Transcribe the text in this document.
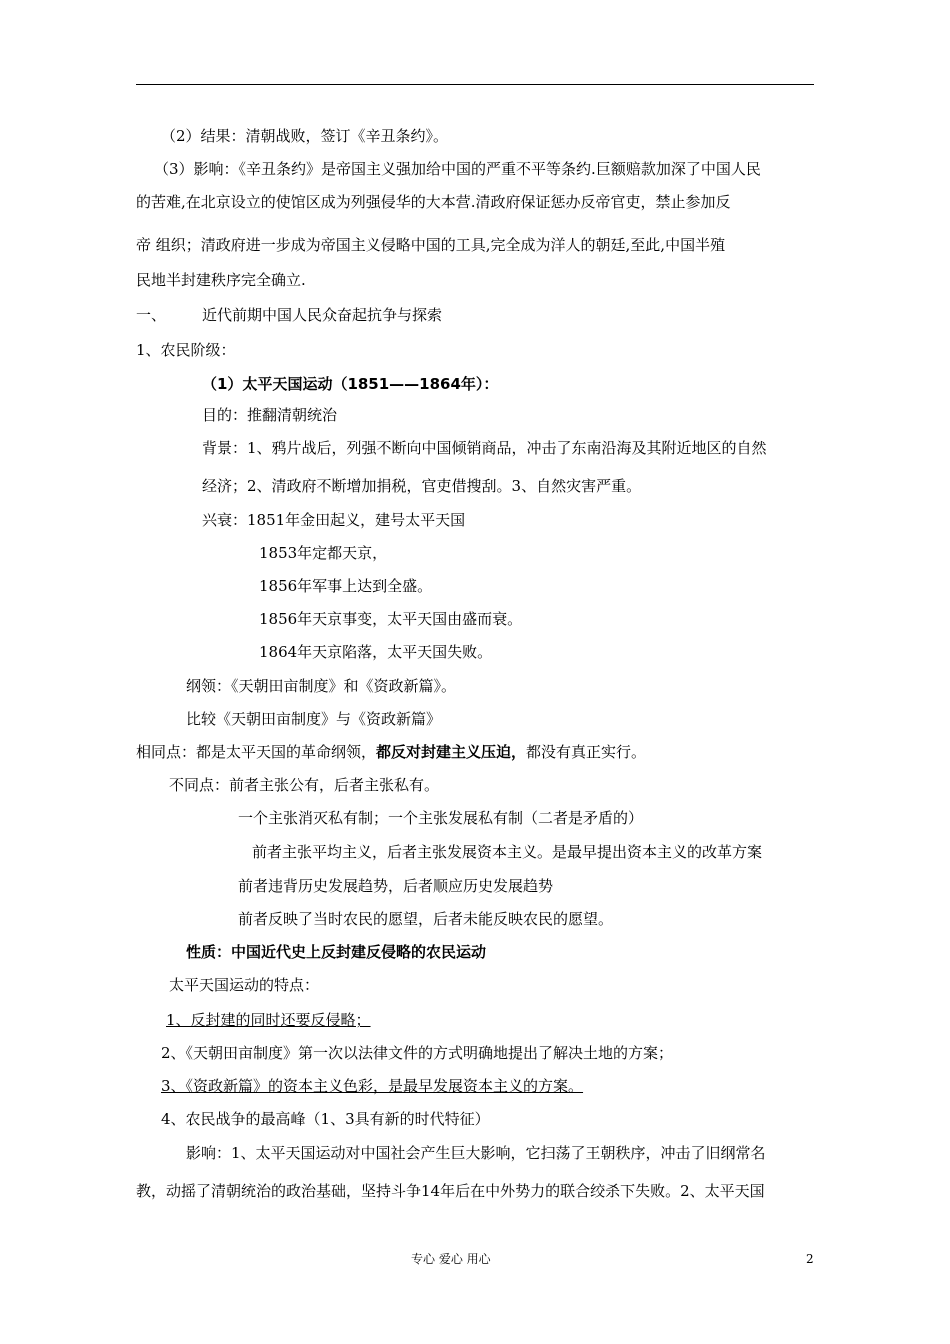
（2）结果：清朝战败，签订《辛丑条约》。
（3）影响：《辛丑条约》是帝国主义强加给中国的严重不平等条约.巨额赔款加深了中国人民
的苦难,在北京设立的使馆区成为列强侵华的大本营.清政府保证惩办反帝官吏，禁止参加反
帝 组织；清政府进一步成为帝国主义侵略中国的工具,完全成为洋人的朝廷,至此,中国半殖
民地半封建秩序完全确立.
一、 近代前期中国人民众奋起抗争与探索
1、农民阶级：
（1）太平天国运动（1851——1864年）：
目的：推翻清朝统治
背景：1、鸦片战后，列强不断向中国倾销商品，冲击了东南沿海及其附近地区的自然
经济；2、清政府不断增加捐税，官吏借搜刮。3、自然灾害严重。
兴衰：1851年金田起义，建号太平天国
1853年定都天京，
1856年军事上达到全盛。
1856年天京事变，太平天国由盛而衰。
1864年天京陷落，太平天国失败。
纲领：《天朝田亩制度》和《资政新篇》。
比较《天朝田亩制度》与《资政新篇》
相同点：都是太平天国的革命纲领，都反对封建主义压迫，都没有真正实行。
不同点：前者主张公有，后者主张私有。
一个主张消灭私有制；一个主张发展私有制（二者是矛盾的）
前者主张平均主义，后者主张发展资本主义。是最早提出资本主义的改革方案
前者违背历史发展趋势，后者顺应历史发展趋势
前者反映了当时农民的愿望，后者未能反映农民的愿望。
性质：中国近代史上反封建反侵略的农民运动
太平天国运动的特点：
1、反封建的同时还要反侵略；
2、《天朝田亩制度》第一次以法律文件的方式明确地提出了解决土地的方案；
3、《资政新篇》的资本主义色彩，是最早发展资本主义的方案。
4、农民战争的最高峰（1、3具有新的时代特征）
影响：1、太平天国运动对中国社会产生巨大影响，它扫荡了王朝秩序，冲击了旧纲常名
教，动摇了清朝统治的政治基础，坚持斗争14年后在中外势力的联合绞杀下失败。2、太平天国
专心 爱心 用心	2
